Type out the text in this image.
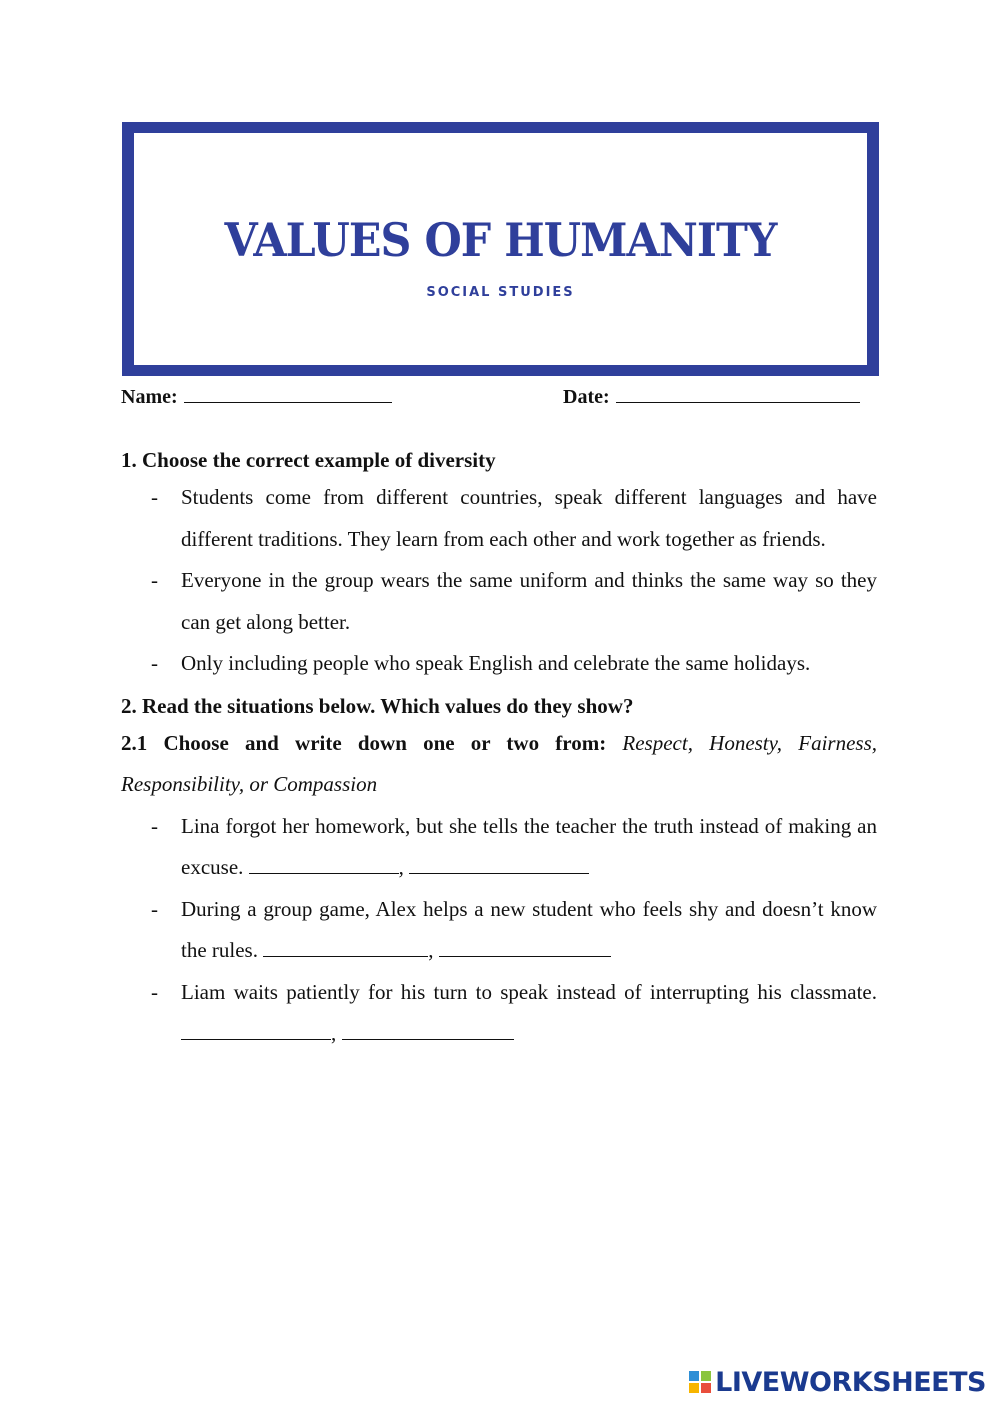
VALUES OF HUMANITY
SOCIAL STUDIES
Name:	Date:
1. Choose the correct example of diversity
- Students come from different countries, speak different languages and have different traditions. They learn from each other and work together as friends.
- Everyone in the group wears the same uniform and thinks the same way so they can get along better.
- Only including people who speak English and celebrate the same holidays.
2. Read the situations below. Which values do they show?
2.1 Choose and write down one or two from: Respect, Honesty, Fairness, Responsibility, or Compassion
- Lina forgot her homework, but she tells the teacher the truth instead of making an excuse.	,
- During a group game, Alex helps a new student who feels shy and doesn’t know the rules.	,
- Liam waits patiently for his turn to speak instead of interrupting his classmate. ,
LIVEWORKSHEETS
